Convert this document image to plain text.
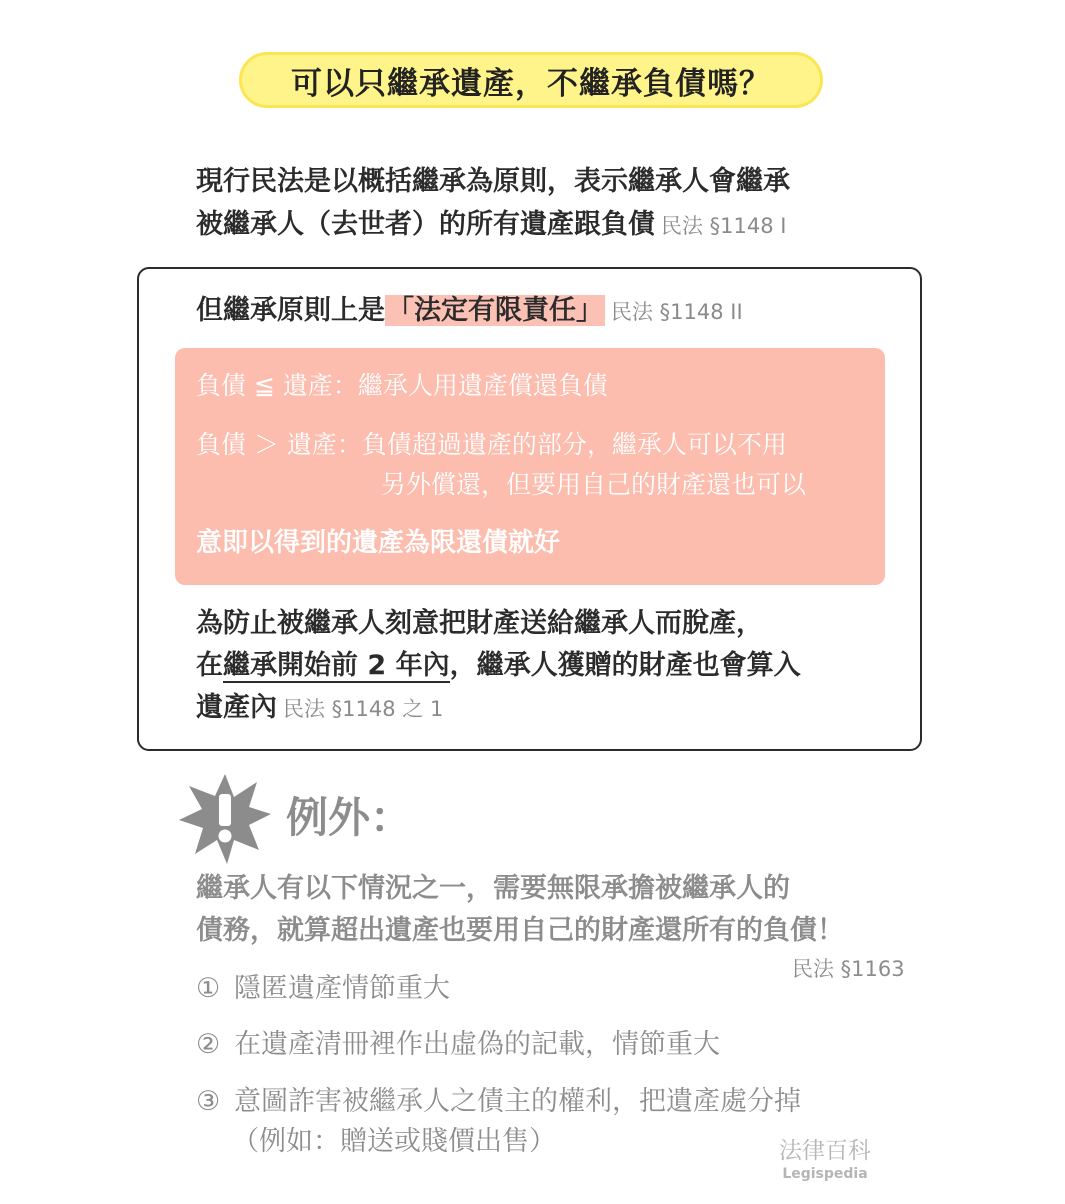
可以只繼承遺產，不繼承負債嗎？
現行民法是以概括繼承為原則，表示繼承人會繼承
被繼承人（去世者）的所有遺產跟負債 民法 §1148 I
但繼承原則上是「法定有限責任」 民法 §1148 II
負債 ≦ 遺產：繼承人用遺產償還負債
負債 ＞ 遺產：負債超過遺產的部分，繼承人可以不用
另外償還，但要用自己的財產還也可以
意即以得到的遺產為限還債就好
為防止被繼承人刻意把財產送給繼承人而脫產，
在繼承開始前 2 年內，繼承人獲贈的財產也會算入
遺產內 民法 §1148 之 1
例外：
繼承人有以下情況之一，需要無限承擔被繼承人的
債務，就算超出遺產也要用自己的財產還所有的負債！
民法 §1163
① 隱匿遺產情節重大
② 在遺產清冊裡作出虛偽的記載，情節重大
③ 意圖詐害被繼承人之債主的權利，把遺產處分掉
（例如：贈送或賤價出售）	法律百科
Legispedia
